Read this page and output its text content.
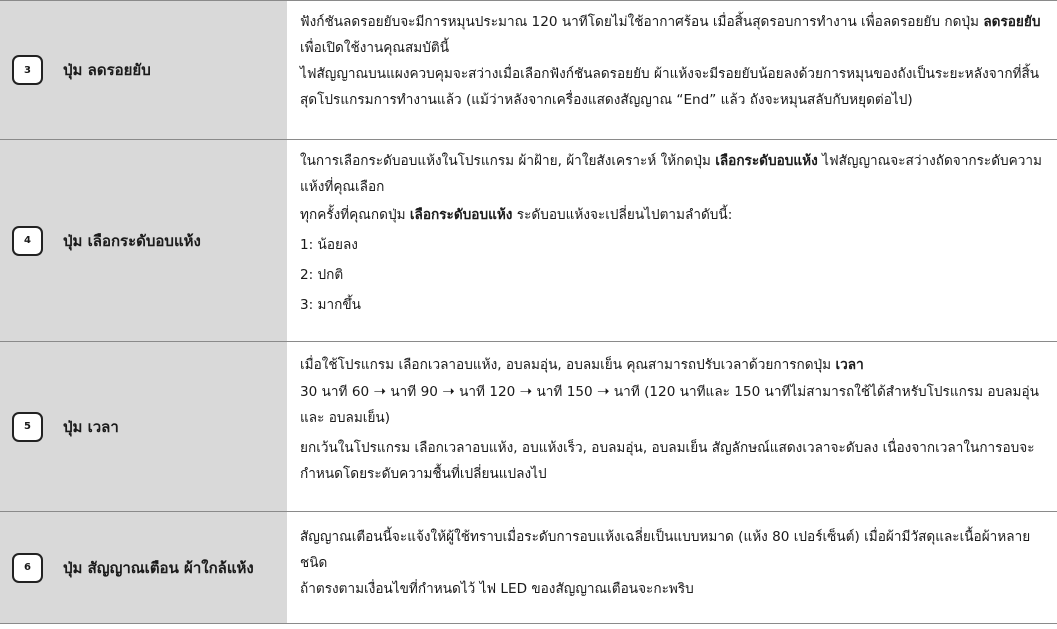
3	ปุ่ม ลดรอยยับ

ฟังก์ชันลดรอยยับจะมีการหมุนประมาณ 120 นาทีโดยไม่ใช้อากาศร้อน เมื่อสิ้นสุดรอบการทำงาน เพื่อลดรอยยับ กดปุ่ม ลดรอยยับ เพื่อเปิดใช้งานคุณสมบัตินี้

ไฟสัญญาณบนแผงควบคุมจะสว่างเมื่อเลือกฟังก์ชันลดรอยยับ ผ้าแห้งจะมีรอยยับน้อยลงด้วยการหมุนของถังเป็นระยะหลังจากที่สิ้นสุดโปรแกรมการทำงานแล้ว (แม้ว่าหลังจากเครื่องแสดงสัญญาณ “End” แล้ว ถังจะหมุนสลับกับหยุดต่อไป)

4	ปุ่ม เลือกระดับอบแห้ง

ในการเลือกระดับอบแห้งในโปรแกรม ผ้าฝ้าย, ผ้าใยสังเคราะห์ ให้กดปุ่ม เลือกระดับอบแห้ง ไฟสัญญาณจะสว่างถัดจากระดับความแห้งที่คุณเลือก

ทุกครั้งที่คุณกดปุ่ม เลือกระดับอบแห้ง ระดับอบแห้งจะเปลี่ยนไปตามลำดับนี้:

1: น้อยลง

2: ปกติ

3: มากขึ้น

5	ปุ่ม เวลา

เมื่อใช้โปรแกรม เลือกเวลาอบแห้ง, อบลมอุ่น, อบลมเย็น คุณสามารถปรับเวลาด้วยการกดปุ่ม เวลา

30 นาที 60 ➝ นาที 90 ➝ นาที 120 ➝ นาที 150 ➝ นาที (120 นาทีและ 150 นาทีไม่สามารถใช้ได้สำหรับโปรแกรม อบลมอุ่น และ อบลมเย็น)

ยกเว้นในโปรแกรม เลือกเวลาอบแห้ง, อบแห้งเร็ว, อบลมอุ่น, อบลมเย็น สัญลักษณ์แสดงเวลาจะดับลง เนื่องจากเวลาในการอบจะกำหนดโดยระดับความชื้นที่เปลี่ยนแปลงไป

6	ปุ่ม สัญญาณเตือน ผ้าใกล้แห้ง

สัญญาณเตือนนี้จะแจ้งให้ผู้ใช้ทราบเมื่อระดับการอบแห้งเฉลี่ยเป็นแบบหมาด (แห้ง 80 เปอร์เซ็นต์) เมื่อผ้ามีวัสดุและเนื้อผ้าหลายชนิด

ถ้าตรงตามเงื่อนไขที่กำหนดไว้ ไฟ LED ของสัญญาณเตือนจะกะพริบ
